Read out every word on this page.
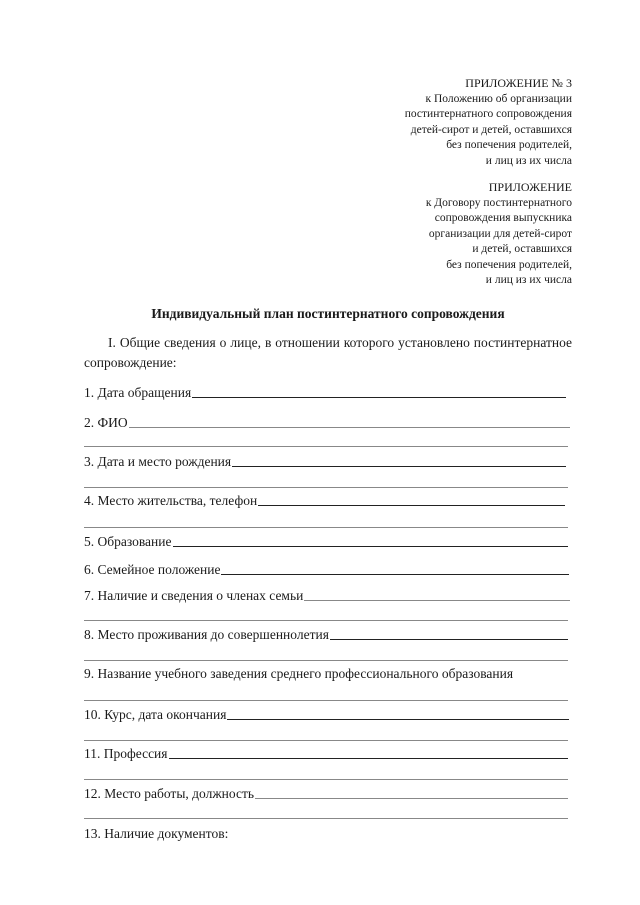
ПРИЛОЖЕНИЕ № 3
к Положению об организации
постинтернатного сопровождения
детей-сирот и детей, оставшихся
без попечения родителей,
и лиц из их числа
ПРИЛОЖЕНИЕ
к Договору постинтернатного
сопровождения выпускника
организации для детей-сирот
и детей, оставшихся
без попечения родителей,
и лиц из их числа
Индивидуальный план постинтернатного сопровождения
I. Общие сведения о лице, в отношении которого установлено постинтернатное сопровождение:
1. Дата обращения
2. ФИО
3. Дата и место рождения
4. Место жительства, телефон
5. Образование
6. Семейное положение
7. Наличие и сведения о членах семьи
8. Место проживания до совершеннолетия
9. Название учебного заведения среднего профессионального образования
10. Курс, дата окончания
11. Профессия
12. Место работы, должность
13. Наличие документов:
